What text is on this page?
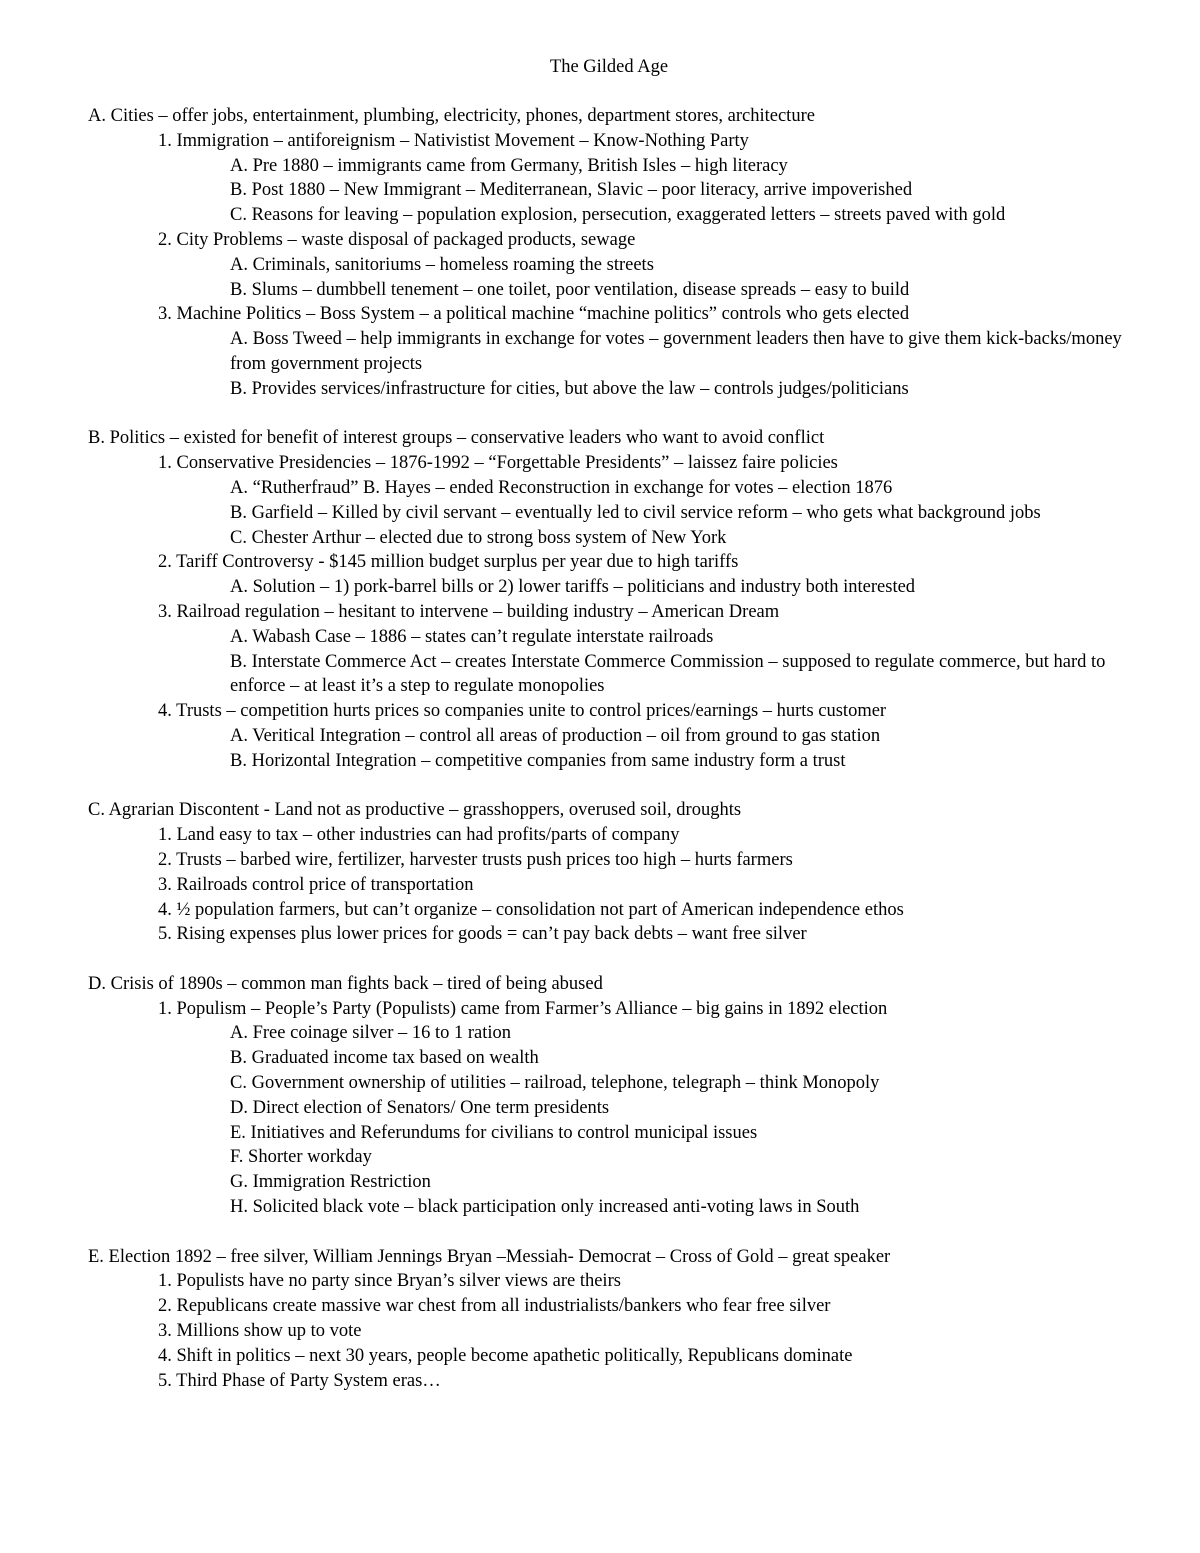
The Gilded Age

A. Cities – offer jobs, entertainment, plumbing, electricity, phones, department stores, architecture

1. Immigration – antiforeignism – Nativistist Movement – Know-Nothing Party

A. Pre 1880 – immigrants came from Germany, British Isles – high literacy

B. Post 1880 – New Immigrant – Mediterranean, Slavic – poor literacy, arrive impoverished

C. Reasons for leaving – population explosion, persecution, exaggerated letters – streets paved with gold

2. City Problems – waste disposal of packaged products, sewage

A. Criminals, sanitoriums – homeless roaming the streets

B. Slums – dumbbell tenement – one toilet, poor ventilation, disease spreads – easy to build

3. Machine Politics – Boss System – a political machine “machine politics” controls who gets elected

A. Boss Tweed – help immigrants in exchange for votes – government leaders then have to give them kick-backs/money from government projects

B. Provides services/infrastructure for cities, but above the law – controls judges/politicians

B. Politics – existed for benefit of interest groups – conservative leaders who want to avoid conflict

1. Conservative Presidencies – 1876-1992 – “Forgettable Presidents” – laissez faire policies

A. “Rutherfraud” B. Hayes – ended Reconstruction in exchange for votes – election 1876

B. Garfield – Killed by civil servant – eventually led to civil service reform – who gets what background jobs

C. Chester Arthur – elected due to strong boss system of New York

2. Tariff Controversy - $145 million budget surplus per year due to high tariffs

A. Solution – 1) pork-barrel bills or 2) lower tariffs – politicians and industry both interested

3. Railroad regulation – hesitant to intervene – building industry – American Dream

A. Wabash Case – 1886 – states can’t regulate interstate railroads

B. Interstate Commerce Act – creates Interstate Commerce Commission – supposed to regulate commerce, but hard to enforce – at least it’s a step to regulate monopolies

4. Trusts – competition hurts prices so companies unite to control prices/earnings – hurts customer

A. Veritical Integration – control all areas of production – oil from ground to gas station

B. Horizontal Integration – competitive companies from same industry form a trust

C. Agrarian Discontent - Land not as productive – grasshoppers, overused soil, droughts

1. Land easy to tax – other industries can had profits/parts of company

2. Trusts – barbed wire, fertilizer, harvester trusts push prices too high – hurts farmers

3. Railroads control price of transportation

4. ½ population farmers, but can’t organize – consolidation not part of American independence ethos

5. Rising expenses plus lower prices for goods = can’t pay back debts – want free silver

D. Crisis of 1890s – common man fights back – tired of being abused

1. Populism – People’s Party (Populists) came from Farmer’s Alliance – big gains in 1892 election

A. Free coinage silver – 16 to 1 ration

B. Graduated income tax based on wealth

C. Government ownership of utilities – railroad, telephone, telegraph – think Monopoly

D. Direct election of Senators/ One term presidents

E. Initiatives and Referundums for civilians to control municipal issues

F. Shorter workday

G. Immigration Restriction

H. Solicited black vote – black participation only increased anti-voting laws in South

E. Election 1892 – free silver, William Jennings Bryan –Messiah- Democrat – Cross of Gold – great speaker

1. Populists have no party since Bryan’s silver views are theirs

2. Republicans create massive war chest from all industrialists/bankers who fear free silver

3. Millions show up to vote

4. Shift in politics – next 30 years, people become apathetic politically, Republicans dominate

5. Third Phase of Party System eras…
